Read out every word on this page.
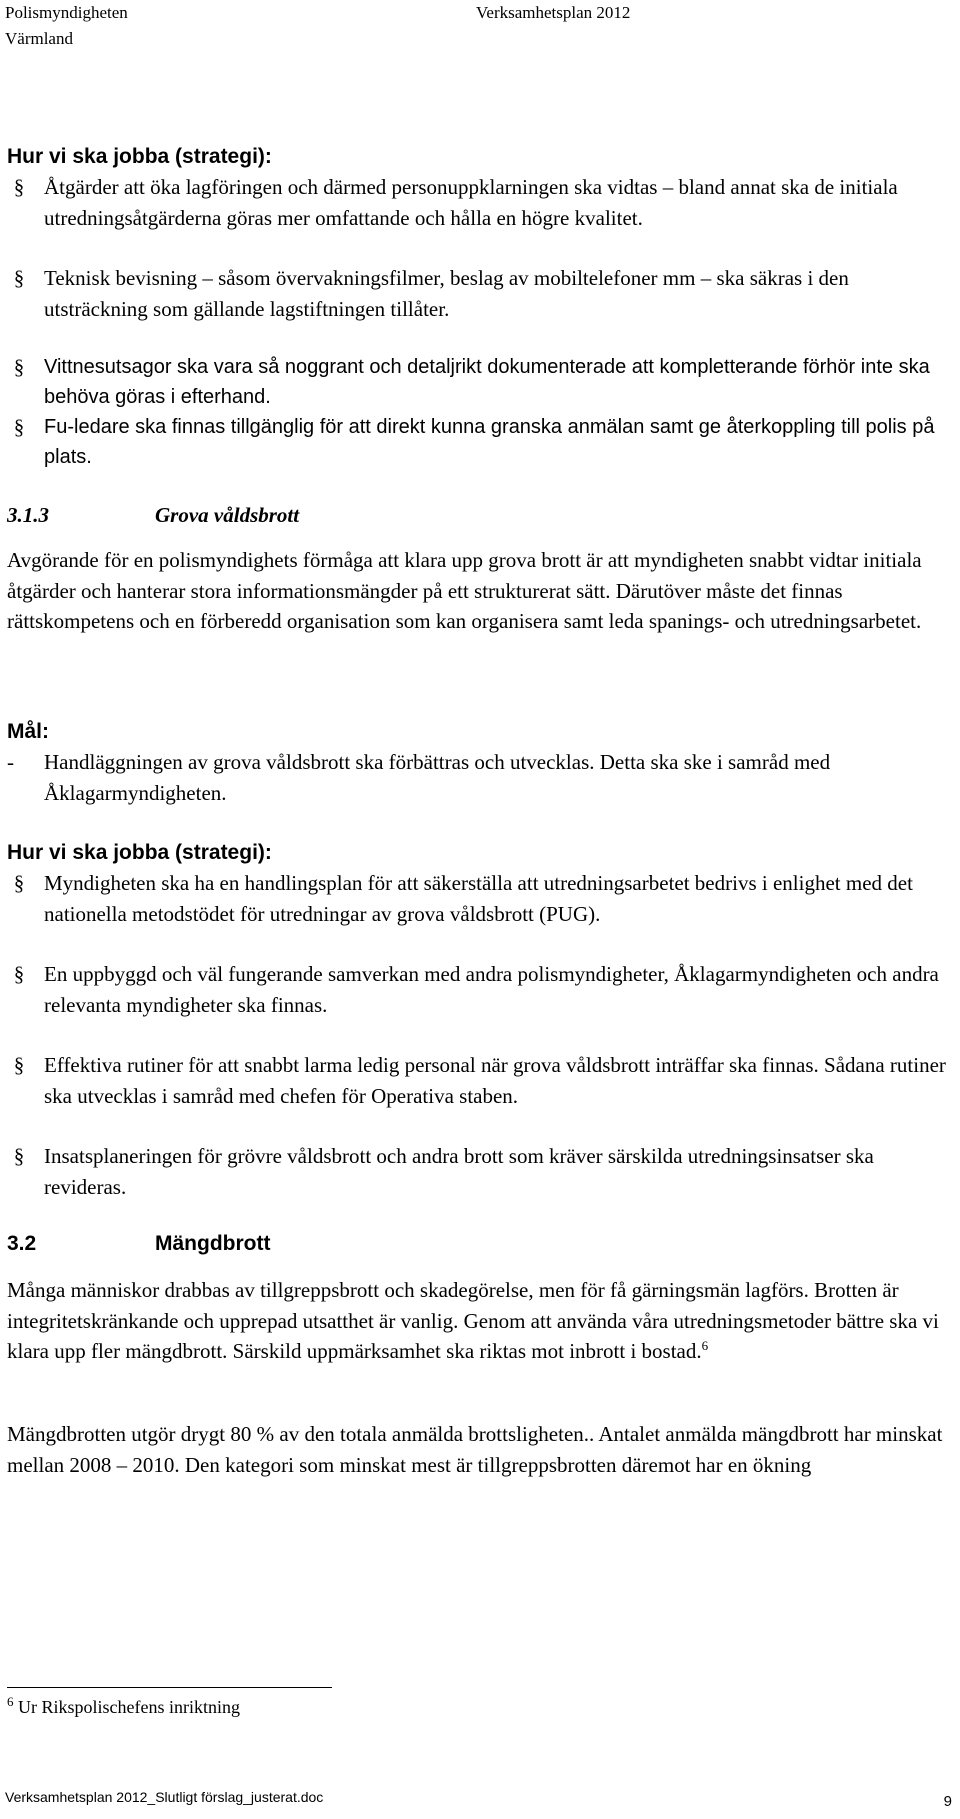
Polismyndigheten
Värmland
Verksamhetsplan 2012
Hur vi ska jobba (strategi):
§ Åtgärder att öka lagföringen och därmed personuppklarningen ska vidtas – bland annat ska de initiala utredningsåtgärderna göras mer omfattande och hålla en högre kvalitet.
§ Teknisk bevisning – såsom övervakningsfilmer, beslag av mobiltelefoner mm – ska säkras i den utsträckning som gällande lagstiftningen tillåter.
§ Vittnesutsagor ska vara så noggrant och detaljrikt dokumenterade att kompletterande förhör inte ska behöva göras i efterhand.
§ Fu-ledare ska finnas tillgänglig för att direkt kunna granska anmälan samt ge återkoppling till polis på plats.
3.1.3	Grova våldsbrott
Avgörande för en polismyndighets förmåga att klara upp grova brott är att myndigheten snabbt vidtar initiala åtgärder och hanterar stora informationsmängder på ett strukturerat sätt. Därutöver måste det finnas rättskompetens och en förberedd organisation som kan organisera samt leda spanings- och utredningsarbetet.
Mål:
- Handläggningen av grova våldsbrott ska förbättras och utvecklas. Detta ska ske i samråd med Åklagarmyndigheten.
Hur vi ska jobba (strategi):
§ Myndigheten ska ha en handlingsplan för att säkerställa att utredningsarbetet bedrivs i enlighet med det nationella metodstödet för utredningar av grova våldsbrott (PUG).
§ En uppbyggd och väl fungerande samverkan med andra polismyndigheter, Åklagarmyndigheten och andra relevanta myndigheter ska finnas.
§ Effektiva rutiner för att snabbt larma ledig personal när grova våldsbrott inträffar ska finnas. Sådana rutiner ska utvecklas i samråd med chefen för Operativa staben.
§ Insatsplaneringen för grövre våldsbrott och andra brott som kräver särskilda utredningsinsatser ska revideras.
3.2	Mängdbrott
Många människor drabbas av tillgreppsbrott och skadegörelse, men för få gärningsmän lagförs. Brotten är integritetskränkande och upprepad utsatthet är vanlig. Genom att använda våra utredningsmetoder bättre ska vi klara upp fler mängdbrott. Särskild uppmärksamhet ska riktas mot inbrott i bostad.$^6$
Mängdbrotten utgör drygt 80 % av den totala anmälda brottsligheten.. Antalet anmälda mängdbrott har minskat mellan 2008 – 2010. Den kategori som minskat mest är tillgreppsbrotten däremot har en ökning
$^6$ Ur Rikspolischefens inriktning
Verksamhetsplan 2012_Slutligt förslag_justerat.doc	9
